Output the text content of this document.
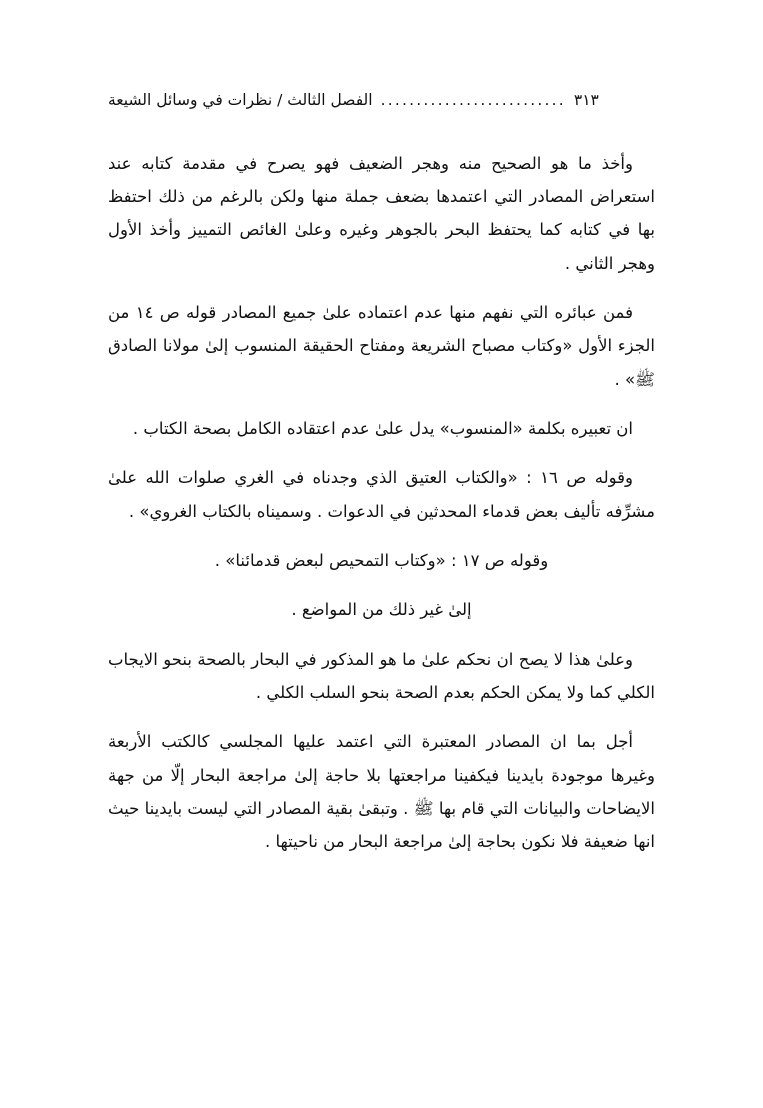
الفصل الثالث / نظرات في وسائل الشيعة .......................... ٣١٣

وأخذ ما هو الصحيح منه وهجر الضعيف فهو يصرح في مقدمة كتابه عند استعراض المصادر التي اعتمدها بضعف جملة منها ولكن بالرغم من ذلك احتفظ بها في كتابه كما يحتفظ البحر بالجوهر وغيره وعلىٰ الغائص التمييز وأخذ الأول وهجر الثاني .

فمن عبائره التي نفهم منها عدم اعتماده علىٰ جميع المصادر قوله ص ١٤ من الجزء الأول «وكتاب مصباح الشريعة ومفتاح الحقيقة المنسوب إلىٰ مولانا الصادق ﷺ» .

ان تعبيره بكلمة «المنسوب» يدل علىٰ عدم اعتقاده الكامل بصحة الكتاب .

وقوله ص ١٦ : «والكتاب العتيق الذي وجدناه في الغري صلوات الله علىٰ مشرِّفه تأليف بعض قدماء المحدثين في الدعوات . وسميناه بالكتاب الغروي» .

وقوله ص ١٧ : «وكتاب التمحيص لبعض قدمائنا» .

إلىٰ غير ذلك من المواضع .

وعلىٰ هذا لا يصح ان نحكم علىٰ ما هو المذكور في البحار بالصحة بنحو الايجاب الكلي كما ولا يمكن الحكم بعدم الصحة بنحو السلب الكلي .

أجل بما ان المصادر المعتبرة التي اعتمد عليها المجلسي كالكتب الأربعة وغيرها موجودة بايدينا فيكفينا مراجعتها بلا حاجة إلىٰ مراجعة البحار إلّا من جهة الايضاحات والبيانات التي قام بها ﷺ . وتبقىٰ بقية المصادر التي ليست بايدينا حيث انها ضعيفة فلا نكون بحاجة إلىٰ مراجعة البحار من ناحيتها .
